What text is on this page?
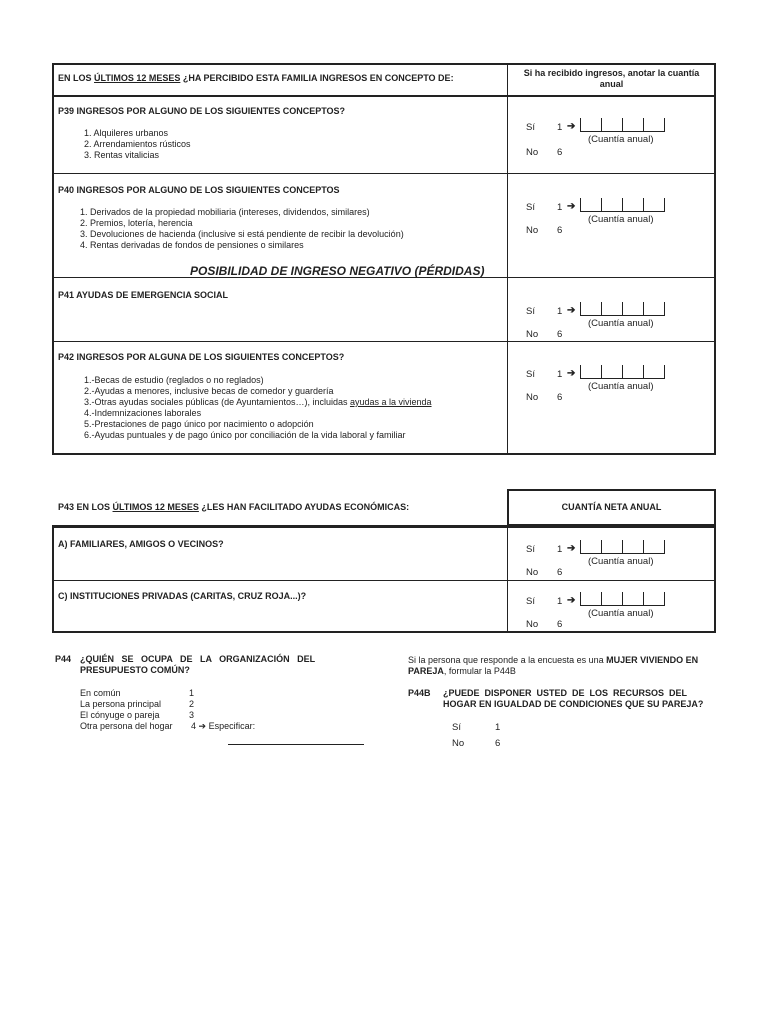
EN LOS ÚLTIMOS 12 MESES ¿HA PERCIBIDO ESTA FAMILIA INGRESOS EN CONCEPTO DE:	Si ha recibido ingresos, anotar la cuantía
anual
P39 INGRESOS POR ALGUNO DE LOS SIGUIENTES CONCEPTOS?
1. Alquileres urbanos
2. Arrendamientos rústicos
3. Rentas vitalicias
Sí 1 ➔
(Cuantía anual)
No 6
P40 INGRESOS POR ALGUNO DE LOS SIGUIENTES CONCEPTOS
1. Derivados de la propiedad mobiliaria (intereses, dividendos, similares)
2. Premios, lotería, herencia
3. Devoluciones de hacienda (inclusive si está pendiente de recibir la devolución)
4. Rentas derivadas de fondos de pensiones o similares
Sí 1 ➔
(Cuantía anual)
No 6
POSIBILIDAD DE INGRESO NEGATIVO (PÉRDIDAS)
P41 AYUDAS DE EMERGENCIA SOCIAL
Sí 1 ➔
(Cuantía anual)
No 6
P42 INGRESOS POR ALGUNA DE LOS SIGUIENTES CONCEPTOS?
1.-Becas de estudio (reglados o no reglados)
2.-Ayudas a menores, inclusive becas de comedor y guardería
3.-Otras ayudas sociales públicas (de Ayuntamientos…), incluidas ayudas a la vivienda
4.-Indemnizaciones laborales
5.-Prestaciones de pago único por nacimiento o adopción
6.-Ayudas puntuales y de pago único por conciliación de la vida laboral y familiar
Sí 1 ➔
(Cuantía anual)
No 6
P43 EN LOS ÚLTIMOS 12 MESES ¿LES HAN FACILITADO AYUDAS ECONÓMICAS:	CUANTÍA NETA ANUAL
A) FAMILIARES, AMIGOS O VECINOS?	Sí 1 ➔
(Cuantía anual)
No 6
C) INSTITUCIONES PRIVADAS (CARITAS, CRUZ ROJA...)?	Sí 1 ➔
(Cuantía anual)
No 6
P44 ¿QUIÉN   SE   OCUPA   DE   LA   ORGANIZACIÓN   DEL
PRESUPUESTO COMÚN?
En común	1
La persona principal	2
El cónyuge o pareja	3
Otra persona del hogar 4 ➔ Especificar:
Si la persona que responde a la encuesta es una MUJER VIVIENDO EN PAREJA, formular la P44B
P44B ¿PUEDE  DISPONER  USTED  DE  LOS  RECURSOS  DEL
HOGAR EN IGUALDAD DE CONDICIONES QUE SU PAREJA?
Sí	1
No	6
